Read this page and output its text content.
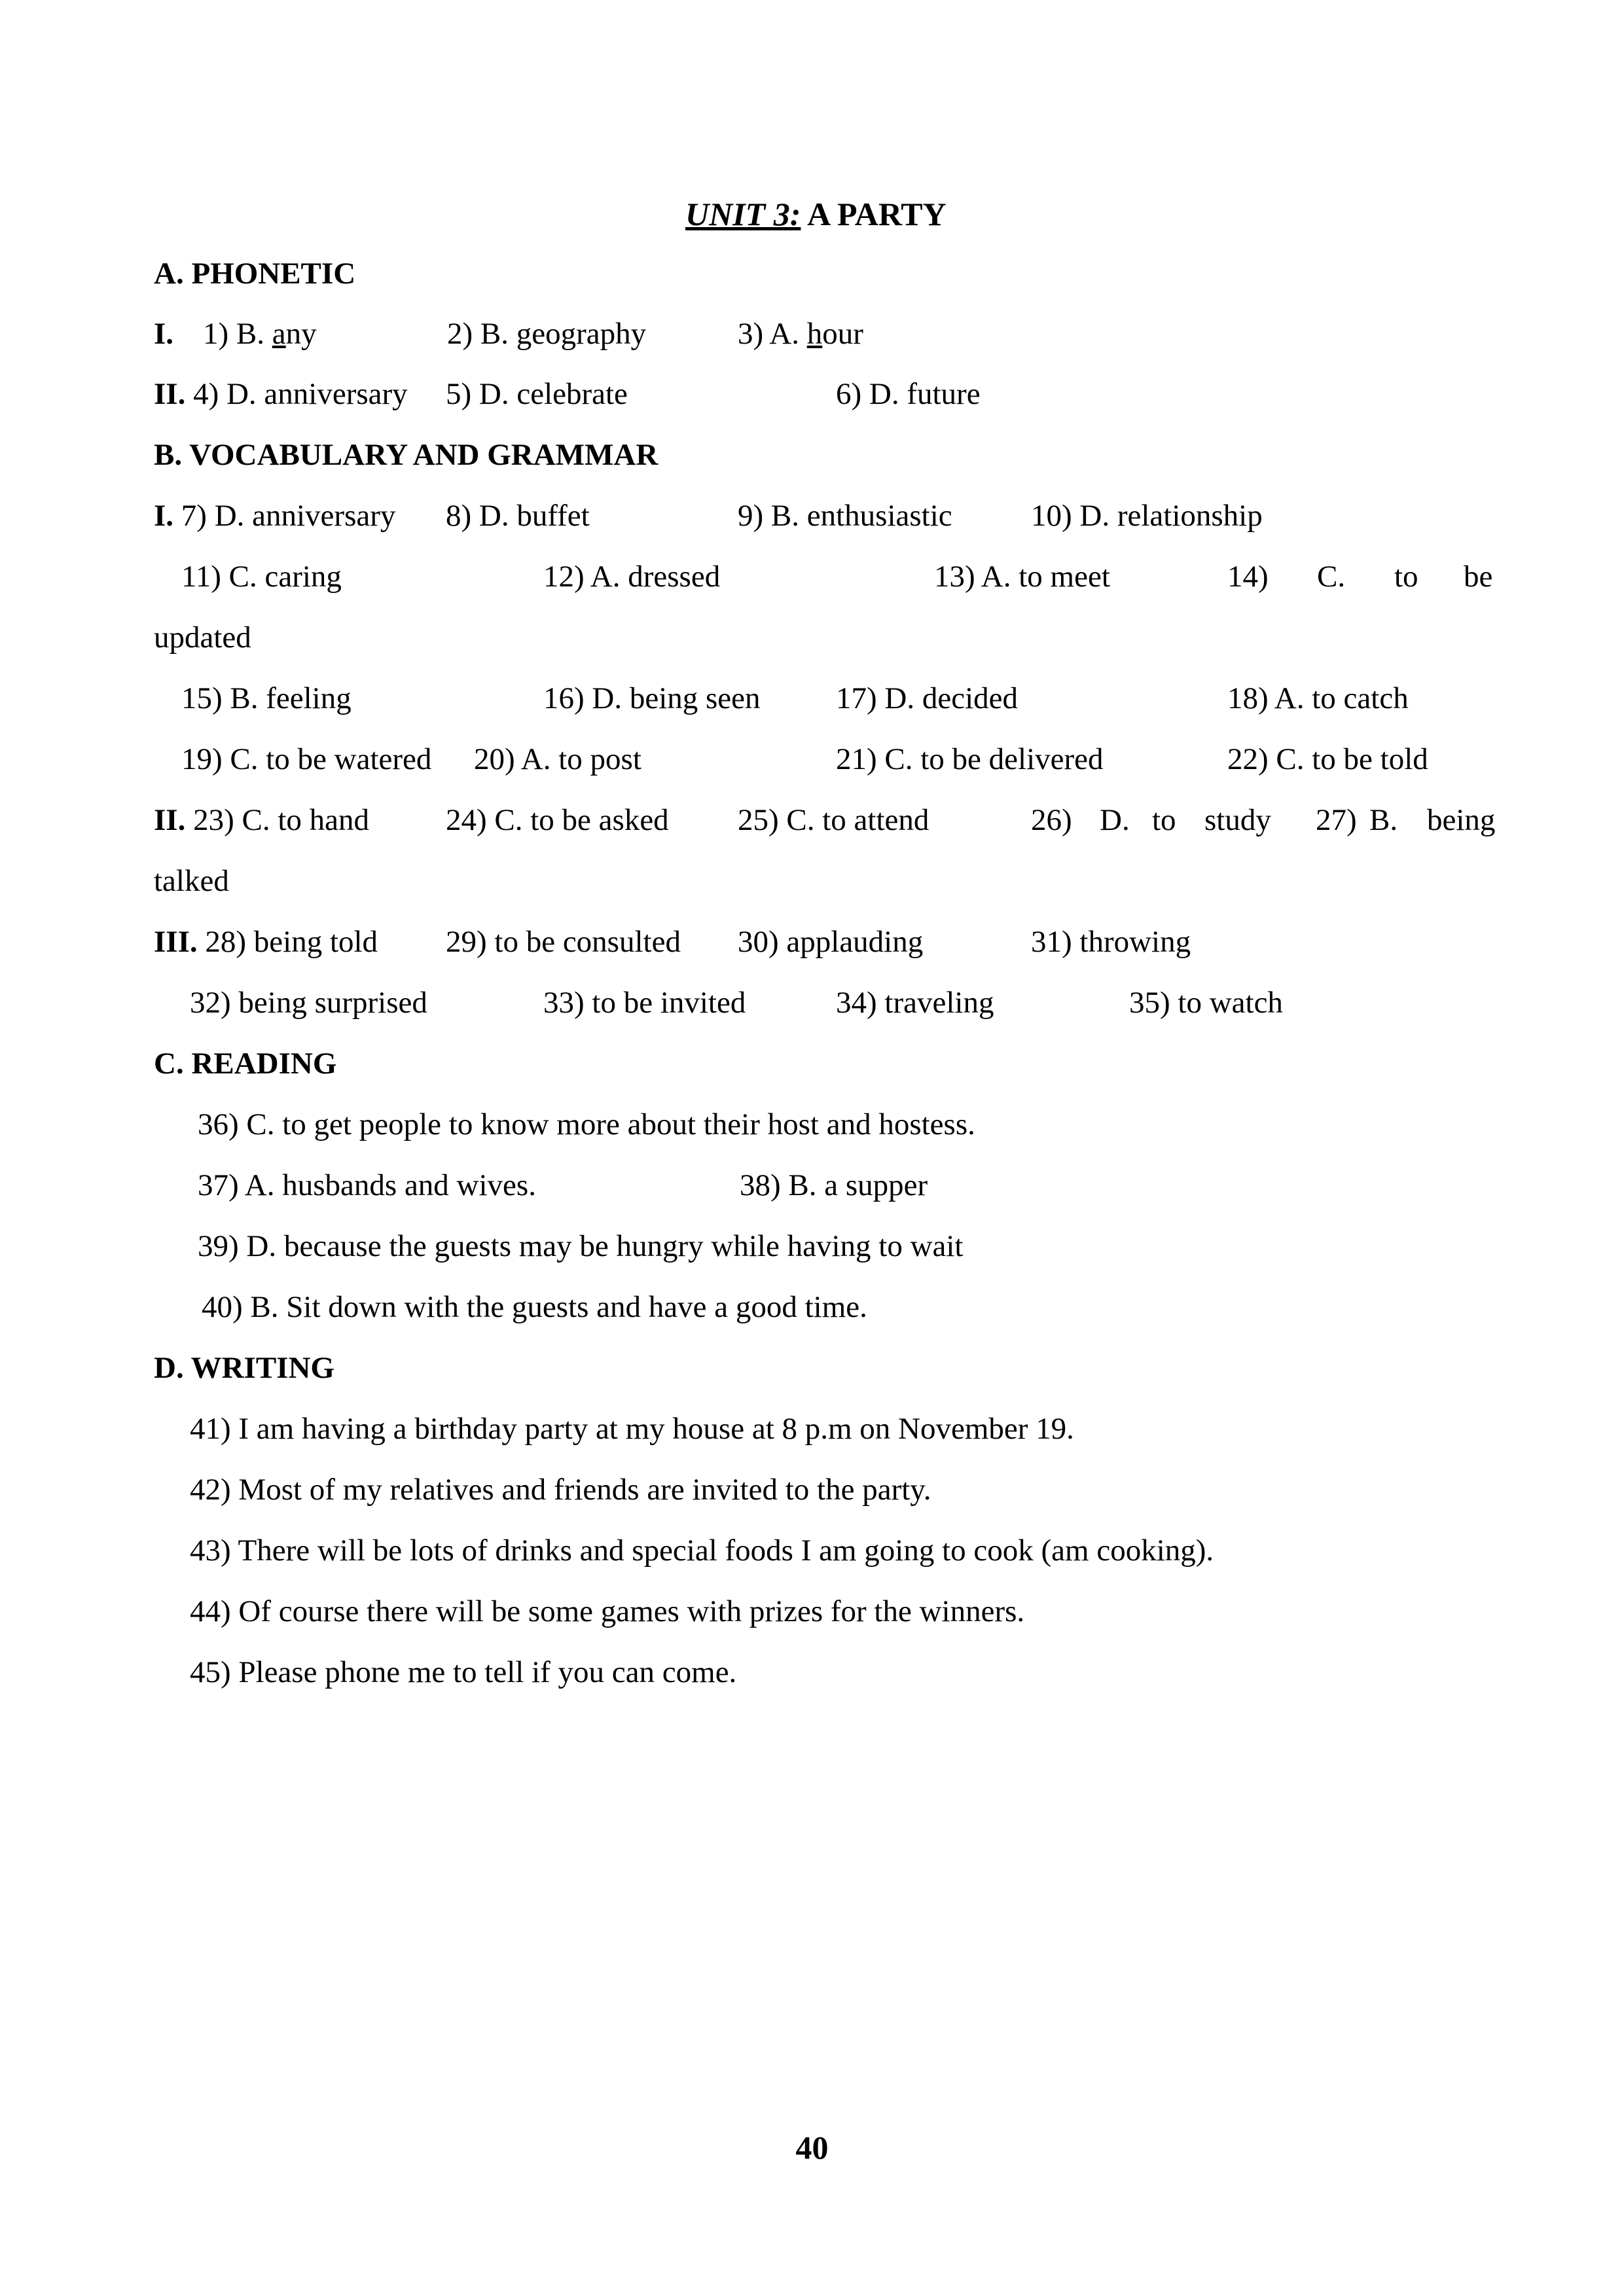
UNIT 3: A PARTY
A. PHONETIC
I. 1) B. any	2) B. geography	3) A. hour
II. 4) D. anniversary 5) D. celebrate	6) D. future
B. VOCABULARY AND GRAMMAR
I. 7) D. anniversary 8) D. buffet	9) B. enthusiastic	10) D. relationship
11) C. caring	12) A. dressed	13) A. to meet	14) C. to be
updated
15) B. feeling	16) D. being seen 17) D. decided	18) A. to catch
19) C. to be watered 20) A. to post	21) C. to be delivered	22) C. to be told
II. 23) C. to hand 24) C. to be asked 25) C. to attend	26) D. to study 27) B. being
talked
III. 28) being told 29) to be consulted 30) applauding	31) throwing
32) being surprised	33) to be invited	34) traveling	35) to watch
C. READING
36) C. to get people to know more about their host and hostess.
37) A. husbands and wives.	38) B. a supper
39) D. because the guests may be hungry while having to wait
40) B. Sit down with the guests and have a good time.
D. WRITING
41) I am having a birthday party at my house at 8 p.m on November 19.
42) Most of my relatives and friends are invited to the party.
43) There will be lots of drinks and special foods I am going to cook (am cooking).
44) Of course there will be some games with prizes for the winners.
45) Please phone me to tell if you can come.
40
